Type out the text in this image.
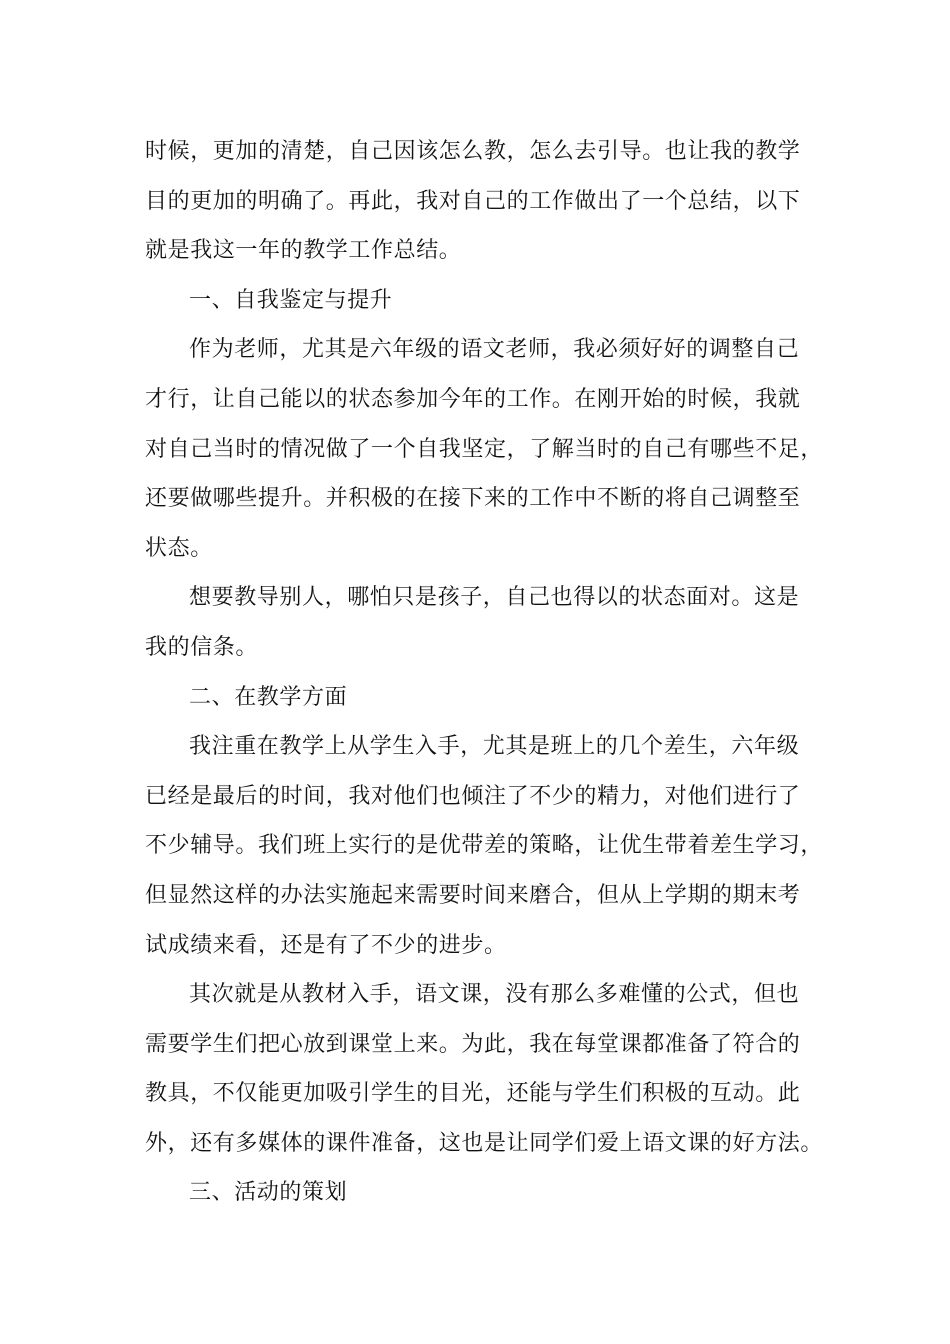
时候，更加的清楚，自己因该怎么教，怎么去引导。也让我的教学
目的更加的明确了。再此，我对自己的工作做出了一个总结，以下
就是我这一年的教学工作总结。
一、自我鉴定与提升
作为老师，尤其是六年级的语文老师，我必须好好的调整自己
才行，让自己能以的状态参加今年的工作。在刚开始的时候，我就
对自己当时的情况做了一个自我坚定，了解当时的自己有哪些不足，
还要做哪些提升。并积极的在接下来的工作中不断的将自己调整至
状态。
想要教导别人，哪怕只是孩子，自己也得以的状态面对。这是
我的信条。
二、在教学方面
我注重在教学上从学生入手，尤其是班上的几个差生，六年级
已经是最后的时间，我对他们也倾注了不少的精力，对他们进行了
不少辅导。我们班上实行的是优带差的策略，让优生带着差生学习，
但显然这样的办法实施起来需要时间来磨合，但从上学期的期末考
试成绩来看，还是有了不少的进步。
其次就是从教材入手，语文课，没有那么多难懂的公式，但也
需要学生们把心放到课堂上来。为此，我在每堂课都准备了符合的
教具，不仅能更加吸引学生的目光，还能与学生们积极的互动。此
外，还有多媒体的课件准备，这也是让同学们爱上语文课的好方法。
三、活动的策划
